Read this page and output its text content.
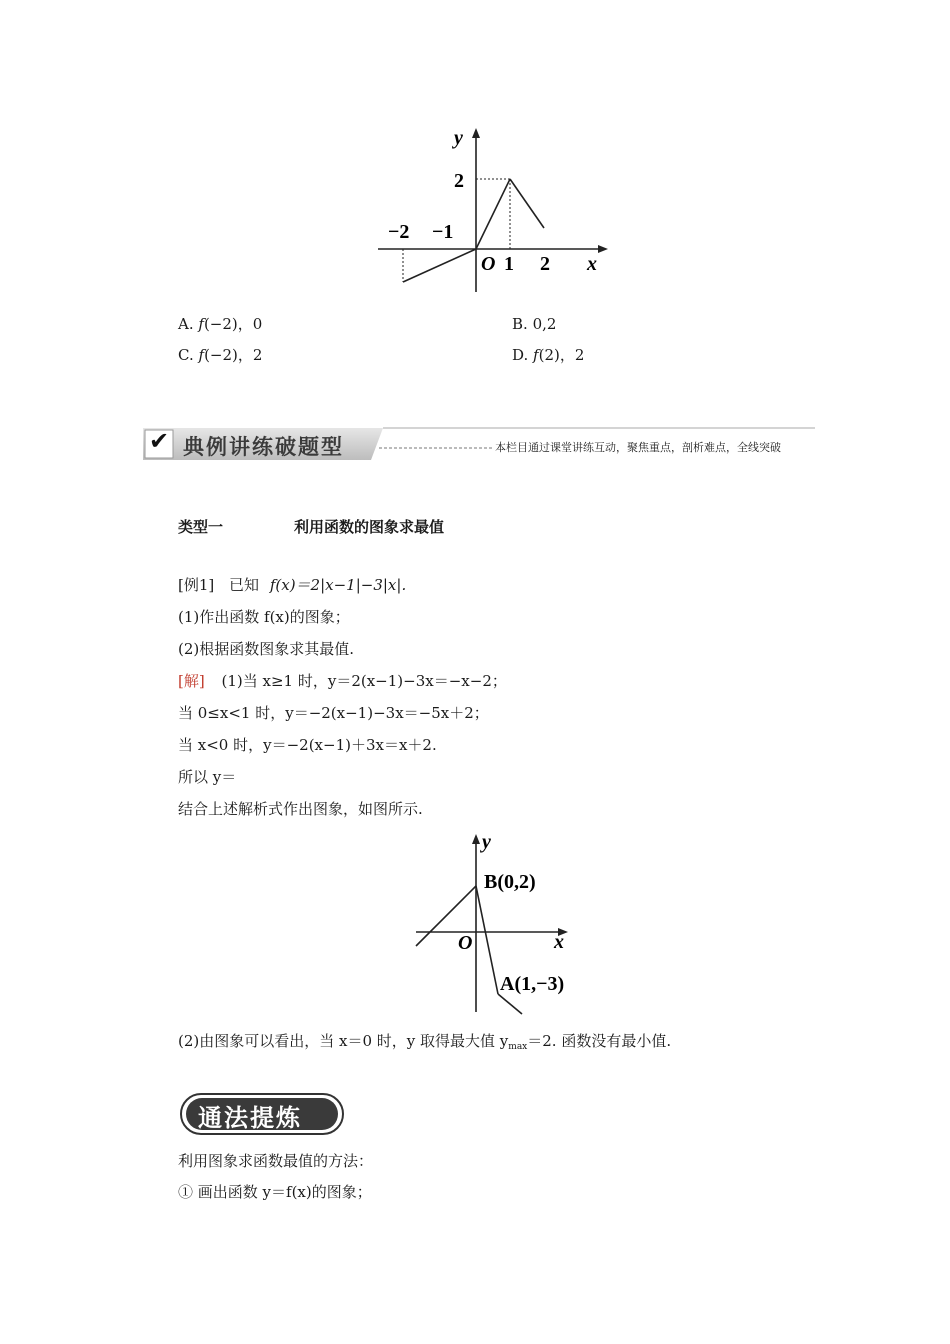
y
2
−2 −1
O 1 2 x
A. f(−2)，0	B. 0,2
C. f(−2)，2	D. f(2)，2
✔ 典例讲练破题型	本栏目通过课堂讲练互动，聚焦重点，剖析难点，全线突破
类型一	利用函数的图象求最值
[例1] 已知 f(x)＝2|x−1|−3|x|.
(1)作出函数 f(x)的图象；
(2)根据函数图象求其最值.
[解] (1)当 x≥1 时，y＝2(x−1)−3x＝−x−2；
当 0≤x<1 时，y＝−2(x−1)−3x＝−5x＋2；
当 x<0 时，y＝−2(x−1)＋3x＝x＋2.
所以 y＝
结合上述解析式作出图象，如图所示.
y
B(0,2)
O	x
A(1,−3)
(2)由图象可以看出，当 x＝0 时，y 取得最大值 $y_{max}=2$. 函数没有最小值.
通法提炼
利用图象求函数最值的方法：
① 画出函数 y＝f(x)的图象；
